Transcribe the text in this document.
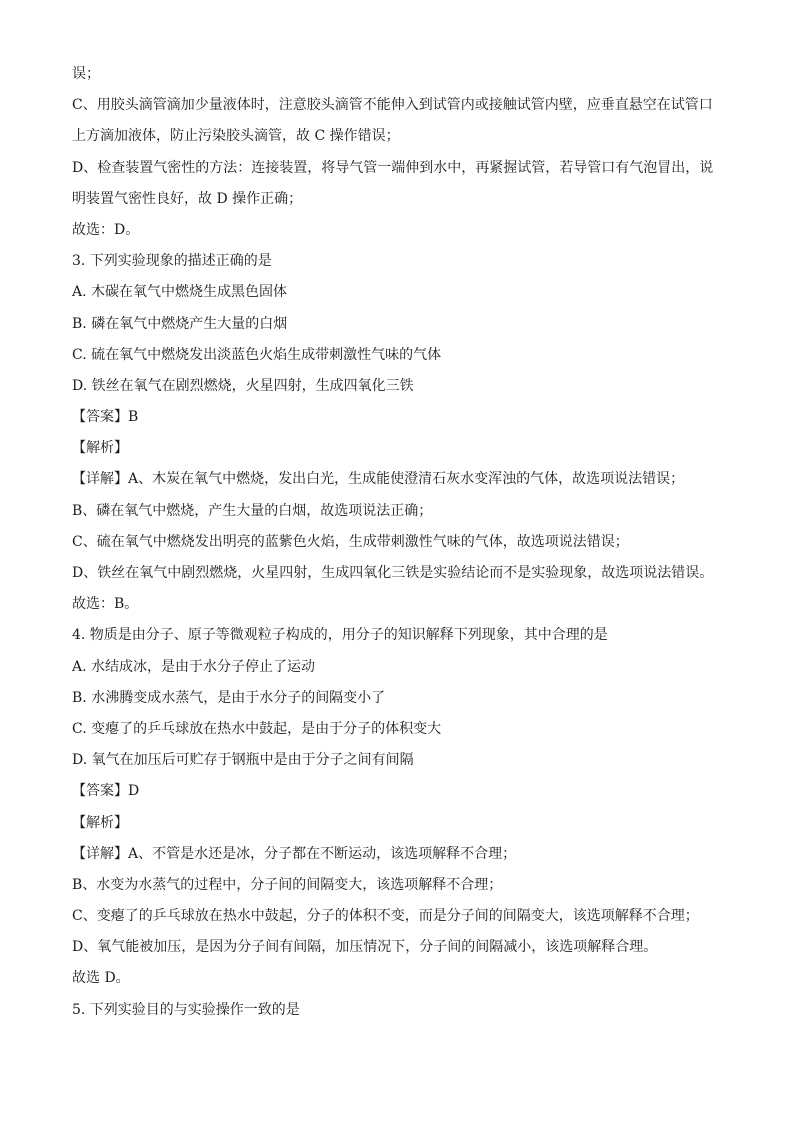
误；
C、用胶头滴管滴加少量液体时，注意胶头滴管不能伸入到试管内或接触试管内壁，应垂直悬空在试管口
上方滴加液体，防止污染胶头滴管，故 C 操作错误；
D、检查装置气密性的方法：连接装置，将导气管一端伸到水中，再紧握试管，若导管口有气泡冒出，说
明装置气密性良好，故 D 操作正确；
故选：D。
3. 下列实验现象的描述正确的是
A. 木碳在氧气中燃烧生成黑色固体
B. 磷在氧气中燃烧产生大量的白烟
C. 硫在氧气中燃烧发出淡蓝色火焰生成带刺激性气味的气体
D. 铁丝在氧气在剧烈燃烧，火星四射，生成四氧化三铁
【答案】B
【解析】
【详解】A、木炭在氧气中燃烧，发出白光，生成能使澄清石灰水变浑浊的气体，故选项说法错误；
B、磷在氧气中燃烧，产生大量的白烟，故选项说法正确；
C、硫在氧气中燃烧发出明亮的蓝紫色火焰，生成带刺激性气味的气体，故选项说法错误；
D、铁丝在氧气中剧烈燃烧，火星四射，生成四氧化三铁是实验结论而不是实验现象，故选项说法错误。
故选：B。
4. 物质是由分子、原子等微观粒子构成的，用分子的知识解释下列现象，其中合理的是
A. 水结成冰，是由于水分子停止了运动
B. 水沸腾变成水蒸气，是由于水分子的间隔变小了
C. 变瘪了的乒乓球放在热水中鼓起，是由于分子的体积变大
D. 氧气在加压后可贮存于钢瓶中是由于分子之间有间隔
【答案】D
【解析】
【详解】A、不管是水还是冰，分子都在不断运动，该选项解释不合理；
B、水变为水蒸气的过程中，分子间的间隔变大，该选项解释不合理；
C、变瘪了的乒乓球放在热水中鼓起，分子的体积不变，而是分子间的间隔变大，该选项解释不合理；
D、氧气能被加压，是因为分子间有间隔，加压情况下，分子间的间隔减小，该选项解释合理。
故选 D。
5. 下列实验目的与实验操作一致的是
